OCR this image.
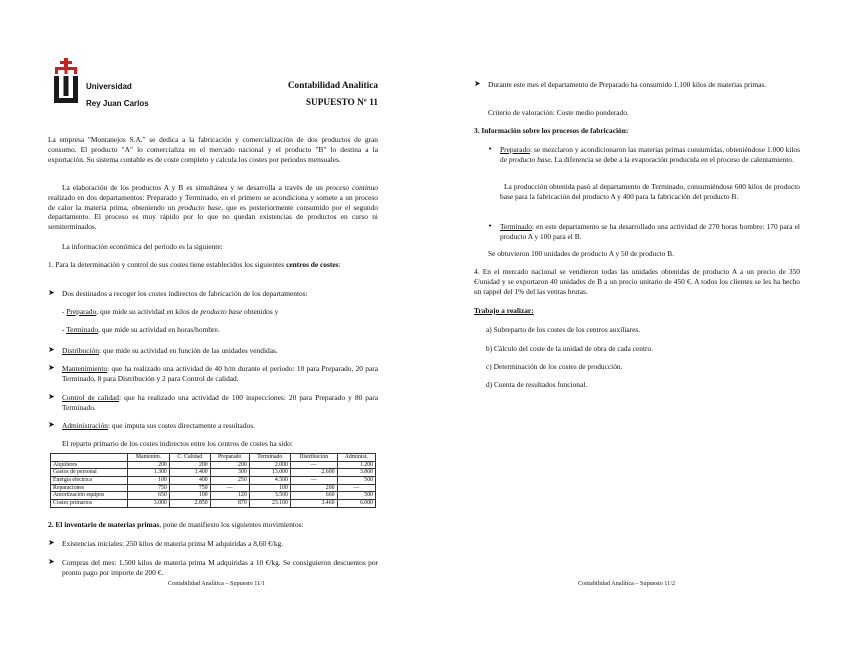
Universidad
Rey Juan Carlos
Contabilidad Analítica
SUPUESTO Nº 11

La empresa "Montanejos S.A." se dedica a la fabricación y comercialización de dos productos de gran consumo. El producto "A" lo comercializa en el mercado nacional y el producto "B" lo destina a la exportación. Su sistema contable es de coste completo y calcula los costes por periodos mensuales.

La elaboración de los productos A y B es simultánea y se desarrolla a través de un proceso continuo realizado en dos departamentos: Preparado y Terminado, en el primero se acondiciona y somete a un proceso de calor la materia prima, obteniendo un producto base, que es posteriormente consumido por el segundo departamento. El proceso es muy rápido por lo que no quedan existencias de productos en curso ni semiterminados.

La información económica del período es la siguiente:

1. Para la determinación y control de sus costes tiene establecidos los siguientes centros de costes:

➤ Dos destinados a recoger los costes indirectos de fabricación de los departamentos:

- Preparado, que mide su actividad en kilos de producto base obtenidos y

- Terminado, que mide su actividad en horas/hombre.

➤ Distribución: que mide su actividad en función de las unidades vendidas.

➤ Mantenimiento: que ha realizado una actividad de 40 h/m durante el período: 10 para Preparado, 20 para Terminado, 8 para Distribución y 2 para Control de calidad.

➤ Control de calidad: que ha realizado una actividad de 100 inspecciones: 20 para Preparado y 80 para Terminado.

➤ Administración: que imputa sus costes directamente a resultados.

El reparto primario de los costes indirectos entre los centros de costes ha sido:

	Mantenim.	C. Calidad	Preparado	Terminado	Distribución	Administ.
Alquileres	200	200	200	2.000	—	1.200
Gastos de personal	1.300	1.400	300	13.000	2.600	3.800
Energía eléctrica	100	400	250	4.500	—	500
Reparaciones	750	750	—	100	200	—
Amortización equipos	650	100	120	3.500	660	500
Costes primarios	3.000	2.850	870	23.100	3.460	6.000

2. El inventario de materias primas, pone de manifiesto los siguientes movimientos:

➤ Existencias iniciales: 250 kilos de materia prima M adquiridas a 8,60 €/kg.

➤ Compras del mes: 1.500 kilos de materia prima M adquiridas a 10 €/kg. Se consiguieron descuentos por pronto pago por importe de 200 €.

Contabilidad Analítica – Supuesto 11/1
➤ Durante este mes el departamento de Preparado ha consumido 1.100 kilos de materias primas.

Criterio de valoración: Coste medio ponderado.

3. Información sobre los procesos de fabricación:

• Preparado: se mezclaron y acondicionaron las materias primas consumidas, obteniéndose 1.000 kilos de producto base. La diferencia se debe a la evaporación producida en el proceso de calentamiento.

La producción obtenida pasó al departamento de Terminado, consumiéndose 600 kilos de producto base para la fabricación del producto A y 400 para la fabricación del producto B.

• Terminado: en este departamento se ha desarrollado una actividad de 270 horas hombre: 170 para el producto A y 100 para el B.

Se obtuvieron 100 unidades de producto A y 50 de producto B.

4. En el mercado nacional se vendieron todas las unidades obtenidas de producto A a un precio de 350 €/unidad y se exportaron 40 unidades de B a un precio unitario de 450 €. A todos los clientes se les ha hecho un rappel del 1% del las ventas brutas.

Trabajo a realizar:

a) Subreparto de los costes de los centros auxiliares.

b) Cálculo del coste de la unidad de obra de cada centro.

c) Determinación de los costes de producción.

d) Cuenta de resultados funcional.

Contabilidad Analítica – Supuesto 11/2
